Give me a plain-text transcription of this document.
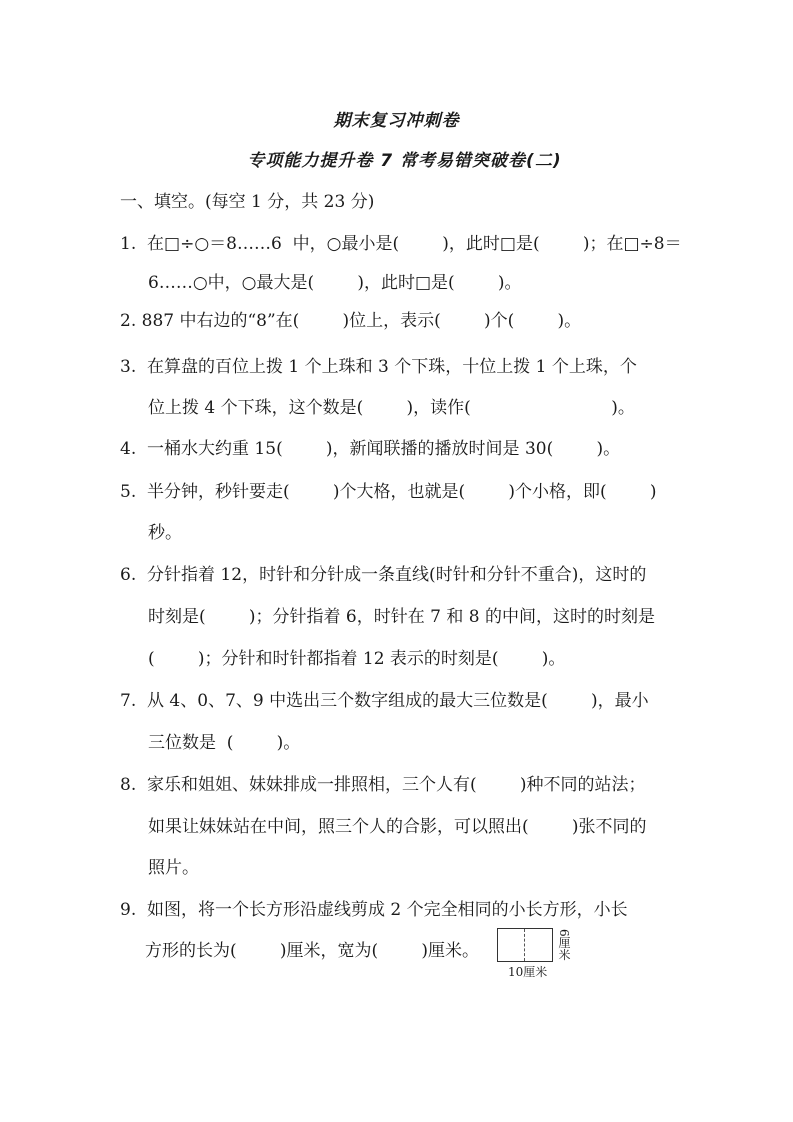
期末复习冲刺卷
专项能力提升卷 7 常考易错突破卷(二)
一、填空。(每空 1 分，共 23 分)
1.  在□÷○＝8……6  中，○最小是(        )，此时□是(        )；在□÷8＝
6……○中，○最大是(        )，此时□是(        )。
2. 887 中右边的“8”在(        )位上，表示(        )个(        )。
3.  在算盘的百位上拨 1 个上珠和 3 个下珠，十位上拨 1 个上珠，个
位上拨 4 个下珠，这个数是(        )，读作(                          )。
4.  一桶水大约重 15(        )，新闻联播的播放时间是 30(        )。
5.  半分钟，秒针要走(        )个大格，也就是(        )个小格，即(        )
秒。
6.  分针指着 12，时针和分针成一条直线(时针和分针不重合)，这时的
时刻是(        )；分针指着 6，时针在 7 和 8 的中间，这时的时刻是
(        )；分针和时针都指着 12 表示的时刻是(        )。
7.  从 4、0、7、9 中选出三个数字组成的最大三位数是(        )，最小
三位数是  (        )。
8.  家乐和姐姐、妹妹排成一排照相，三个人有(        )种不同的站法；
如果让妹妹站在中间，照三个人的合影，可以照出(        )张不同的
照片。
9.  如图，将一个长方形沿虚线剪成 2 个完全相同的小长方形，小长
方形的长为(        )厘米，宽为(        )厘米。
10厘米
6厘米
